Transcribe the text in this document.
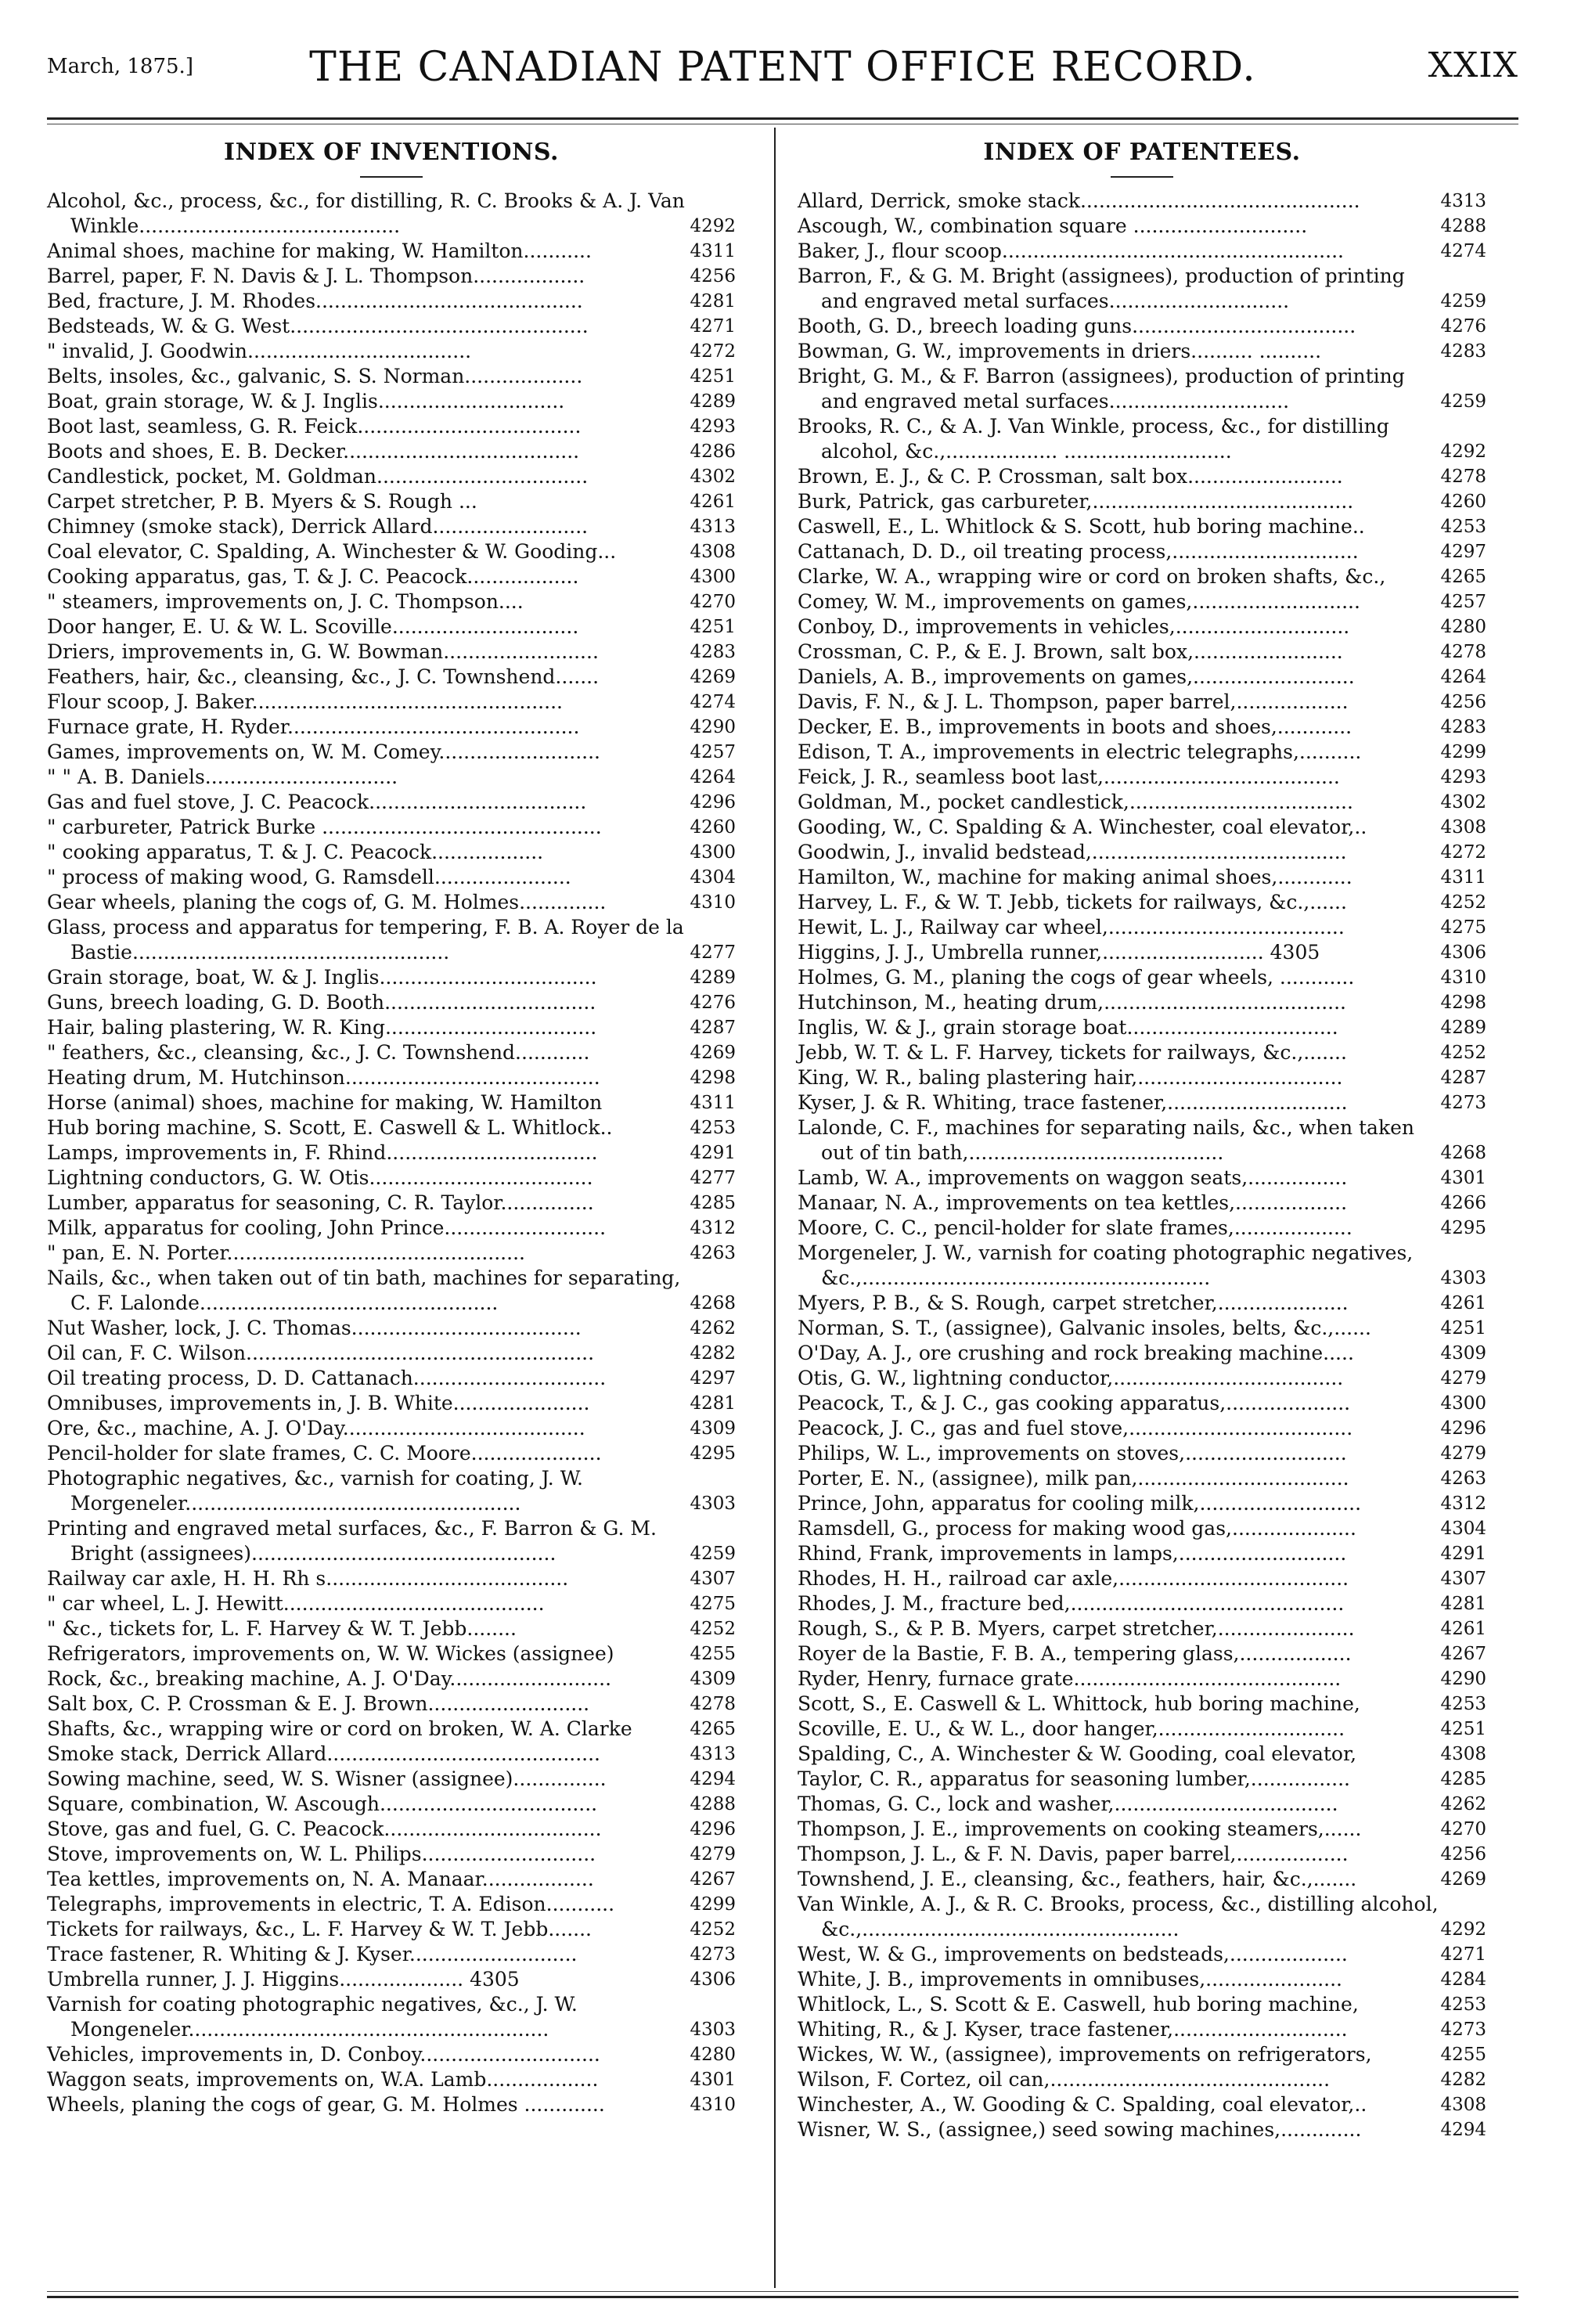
March, 1875.]	THE CANADIAN PATENT OFFICE RECORD.	XXIX
INDEX OF INVENTIONS.
Alcohol, &c., process, &c., for distilling, R. C. Brooks & A. J. Van Winkle..........................................	4292
Animal shoes, machine for making, W. Hamilton...........	4311
Barrel, paper, F. N. Davis & J. L. Thompson..................	4256
Bed, fracture, J. M. Rhodes...........................................	4281
Bedsteads, W. & G. West................................................	4271
" invalid, J. Goodwin....................................	4272
Belts, insoles, &c., galvanic, S. S. Norman...................	4251
Boat, grain storage, W. & J. Inglis..............................	4289
Boot last, seamless, G. R. Feick....................................	4293
Boots and shoes, E. B. Decker......................................	4286
Candlestick, pocket, M. Goldman..................................	4302
Carpet stretcher, P. B. Myers & S. Rough ...	4261
Chimney (smoke stack), Derrick Allard.........................	4313
Coal elevator, C. Spalding, A. Winchester & W. Gooding...	4308
Cooking apparatus, gas, T. & J. C. Peacock..................	4300
" steamers, improvements on, J. C. Thompson....	4270
Door hanger, E. U. & W. L. Scoville..............................	4251
Driers, improvements in, G. W. Bowman.........................	4283
Feathers, hair, &c., cleansing, &c., J. C. Townshend.......	4269
Flour scoop, J. Baker..................................................	4274
Furnace grate, H. Ryder...............................................	4290
Games, improvements on, W. M. Comey..........................	4257
" " A. B. Daniels...............................	4264
Gas and fuel stove, J. C. Peacock...................................	4296
" carbureter, Patrick Burke .............................................	4260
" cooking apparatus, T. & J. C. Peacock..................	4300
" process of making wood, G. Ramsdell......................	4304
Gear wheels, planing the cogs of, G. M. Holmes..............	4310
Glass, process and apparatus for tempering, F. B. A. Royer de la Bastie...................................................	4277
Grain storage, boat, W. & J. Inglis...................................	4289
Guns, breech loading, G. D. Booth..................................	4276
Hair, baling plastering, W. R. King..................................	4287
" feathers, &c., cleansing, &c., J. C. Townshend............	4269
Heating drum, M. Hutchinson.........................................	4298
Horse (animal) shoes, machine for making, W. Hamilton	4311
Hub boring machine, S. Scott, E. Caswell & L. Whitlock..	4253
Lamps, improvements in, F. Rhind..................................	4291
Lightning conductors, G. W. Otis....................................	4277
Lumber, apparatus for seasoning, C. R. Taylor...............	4285
Milk, apparatus for cooling, John Prince..........................	4312
" pan, E. N. Porter................................................	4263
Nails, &c., when taken out of tin bath, machines for separating, C. F. Lalonde................................................	4268
Nut Washer, lock, J. C. Thomas.....................................	4262
Oil can, F. C. Wilson........................................................	4282
Oil treating process, D. D. Cattanach...............................	4297
Omnibuses, improvements in, J. B. White......................	4281
Ore, &c., machine, A. J. O'Day.......................................	4309
Pencil-holder for slate frames, C. C. Moore.....................	4295
Photographic negatives, &c., varnish for coating, J. W. Morgeneler......................................................	4303
Printing and engraved metal surfaces, &c., F. Barron & G. M. Bright (assignees).................................................	4259
Railway car axle, H. H. Rh s.......................................	4307
" car wheel, L. J. Hewitt..........................................	4275
" &c., tickets for, L. F. Harvey & W. T. Jebb........	4252
Refrigerators, improvements on, W. W. Wickes (assignee)	4255
Rock, &c., breaking machine, A. J. O'Day..........................	4309
Salt box, C. P. Crossman & E. J. Brown..........................	4278
Shafts, &c., wrapping wire or cord on broken, W. A. Clarke	4265
Smoke stack, Derrick Allard............................................	4313
Sowing machine, seed, W. S. Wisner (assignee)...............	4294
Square, combination, W. Ascough...................................	4288
Stove, gas and fuel, G. C. Peacock...................................	4296
Stove, improvements on, W. L. Philips............................	4279
Tea kettles, improvements on, N. A. Manaar..................	4267
Telegraphs, improvements in electric, T. A. Edison...........	4299
Tickets for railways, &c., L. F. Harvey & W. T. Jebb.......	4252
Trace fastener, R. Whiting & J. Kyser...........................	4273
Umbrella runner, J. J. Higgins.................... 4305	4306
Varnish for coating photographic negatives, &c., J. W. Mongeneler..........................................................	4303
Vehicles, improvements in, D. Conboy.............................	4280
Waggon seats, improvements on, W.A. Lamb..................	4301
Wheels, planing the cogs of gear, G. M. Holmes .............	4310
INDEX OF PATENTEES.
Allard, Derrick, smoke stack.............................................	4313
Ascough, W., combination square ............................	4288
Baker, J., flour scoop.......................................................	4274
Barron, F., & G. M. Bright (assignees), production of printing and engraved metal surfaces.............................	4259
Booth, G. D., breech loading guns....................................	4276
Bowman, G. W., improvements in driers.......... ..........	4283
Bright, G. M., & F. Barron (assignees), production of printing and engraved metal surfaces.............................	4259
Brooks, R. C., & A. J. Van Winkle, process, &c., for distilling alcohol, &c.,.................. ...........................	4292
Brown, E. J., & C. P. Crossman, salt box.........................	4278
Burk, Patrick, gas carbureter,..........................................	4260
Caswell, E., L. Whitlock & S. Scott, hub boring machine..	4253
Cattanach, D. D., oil treating process,..............................	4297
Clarke, W. A., wrapping wire or cord on broken shafts, &c.,	4265
Comey, W. M., improvements on games,...........................	4257
Conboy, D., improvements in vehicles,............................	4280
Crossman, C. P., & E. J. Brown, salt box,........................	4278
Daniels, A. B., improvements on games,..........................	4264
Davis, F. N., & J. L. Thompson, paper barrel,..................	4256
Decker, E. B., improvements in boots and shoes,............	4283
Edison, T. A., improvements in electric telegraphs,..........	4299
Feick, J. R., seamless boot last,......................................	4293
Goldman, M., pocket candlestick,....................................	4302
Gooding, W., C. Spalding & A. Winchester, coal elevator,..	4308
Goodwin, J., invalid bedstead,.........................................	4272
Hamilton, W., machine for making animal shoes,............	4311
Harvey, L. F., & W. T. Jebb, tickets for railways, &c.,......	4252
Hewit, L. J., Railway car wheel,......................................	4275
Higgins, J. J., Umbrella runner,.......................... 4305	4306
Holmes, G. M., planing the cogs of gear wheels, ............	4310
Hutchinson, M., heating drum,.......................................	4298
Inglis, W. & J., grain storage boat..................................	4289
Jebb, W. T. & L. F. Harvey, tickets for railways, &c.,.......	4252
King, W. R., baling plastering hair,.................................	4287
Kyser, J. & R. Whiting, trace fastener,.............................	4273
Lalonde, C. F., machines for separating nails, &c., when taken out of tin bath,.........................................	4268
Lamb, W. A., improvements on waggon seats,................	4301
Manaar, N. A., improvements on tea kettles,..................	4266
Moore, C. C., pencil-holder for slate frames,...................	4295
Morgeneler, J. W., varnish for coating photographic negatives, &c.,........................................................	4303
Myers, P. B., & S. Rough, carpet stretcher,.....................	4261
Norman, S. T., (assignee), Galvanic insoles, belts, &c.,......	4251
O'Day, A. J., ore crushing and rock breaking machine.....	4309
Otis, G. W., lightning conductor,.....................................	4279
Peacock, T., & J. C., gas cooking apparatus,....................	4300
Peacock, J. C., gas and fuel stove,....................................	4296
Philips, W. L., improvements on stoves,..........................	4279
Porter, E. N., (assignee), milk pan,..................................	4263
Prince, John, apparatus for cooling milk,..........................	4312
Ramsdell, G., process for making wood gas,....................	4304
Rhind, Frank, improvements in lamps,...........................	4291
Rhodes, H. H., railroad car axle,.....................................	4307
Rhodes, J. M., fracture bed,............................................	4281
Rough, S., & P. B. Myers, carpet stretcher,......................	4261
Royer de la Bastie, F. B. A., tempering glass,..................	4267
Ryder, Henry, furnace grate...........................................	4290
Scott, S., E. Caswell & L. Whittock, hub boring machine,	4253
Scoville, E. U., & W. L., door hanger,..............................	4251
Spalding, C., A. Winchester & W. Gooding, coal elevator,	4308
Taylor, C. R., apparatus for seasoning lumber,................	4285
Thomas, G. C., lock and washer,....................................	4262
Thompson, J. E., improvements on cooking steamers,......	4270
Thompson, J. L., & F. N. Davis, paper barrel,..................	4256
Townshend, J. E., cleansing, &c., feathers, hair, &c.,.......	4269
Van Winkle, A. J., & R. C. Brooks, process, &c., distilling alcohol, &c.,...................................................	4292
West, W. & G., improvements on bedsteads,...................	4271
White, J. B., improvements in omnibuses,......................	4284
Whitlock, L., S. Scott & E. Caswell, hub boring machine,	4253
Whiting, R., & J. Kyser, trace fastener,............................	4273
Wickes, W. W., (assignee), improvements on refrigerators,	4255
Wilson, F. Cortez, oil can,.............................................	4282
Winchester, A., W. Gooding & C. Spalding, coal elevator,..	4308
Wisner, W. S., (assignee,) seed sowing machines,.............	4294
